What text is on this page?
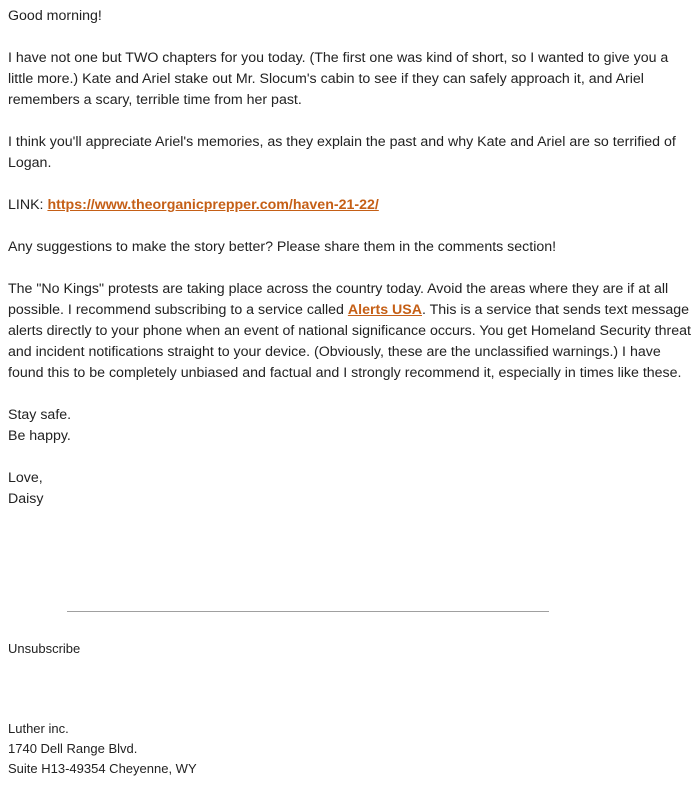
Good morning!

I have not one but TWO chapters for you today. (The first one was kind of short, so I wanted to give you a little more.) Kate and Ariel stake out Mr. Slocum's cabin to see if they can safely approach it, and Ariel remembers a scary, terrible time from her past.

I think you'll appreciate Ariel's memories, as they explain the past and why Kate and Ariel are so terrified of Logan.

LINK: https://www.theorganicprepper.com/haven-21-22/

Any suggestions to make the story better? Please share them in the comments section!

The "No Kings" protests are taking place across the country today. Avoid the areas where they are if at all possible. I recommend subscribing to a service called Alerts USA. This is a service that sends text message alerts directly to your phone when an event of national significance occurs. You get Homeland Security threat and incident notifications straight to your device. (Obviously, these are the unclassified warnings.) I have found this to be completely unbiased and factual and I strongly recommend it, especially in times like these.

Stay safe.

Be happy.

Love,

Daisy

Unsubscribe
Luther inc.
1740 Dell Range Blvd.
Suite H13-49354 Cheyenne, WY
